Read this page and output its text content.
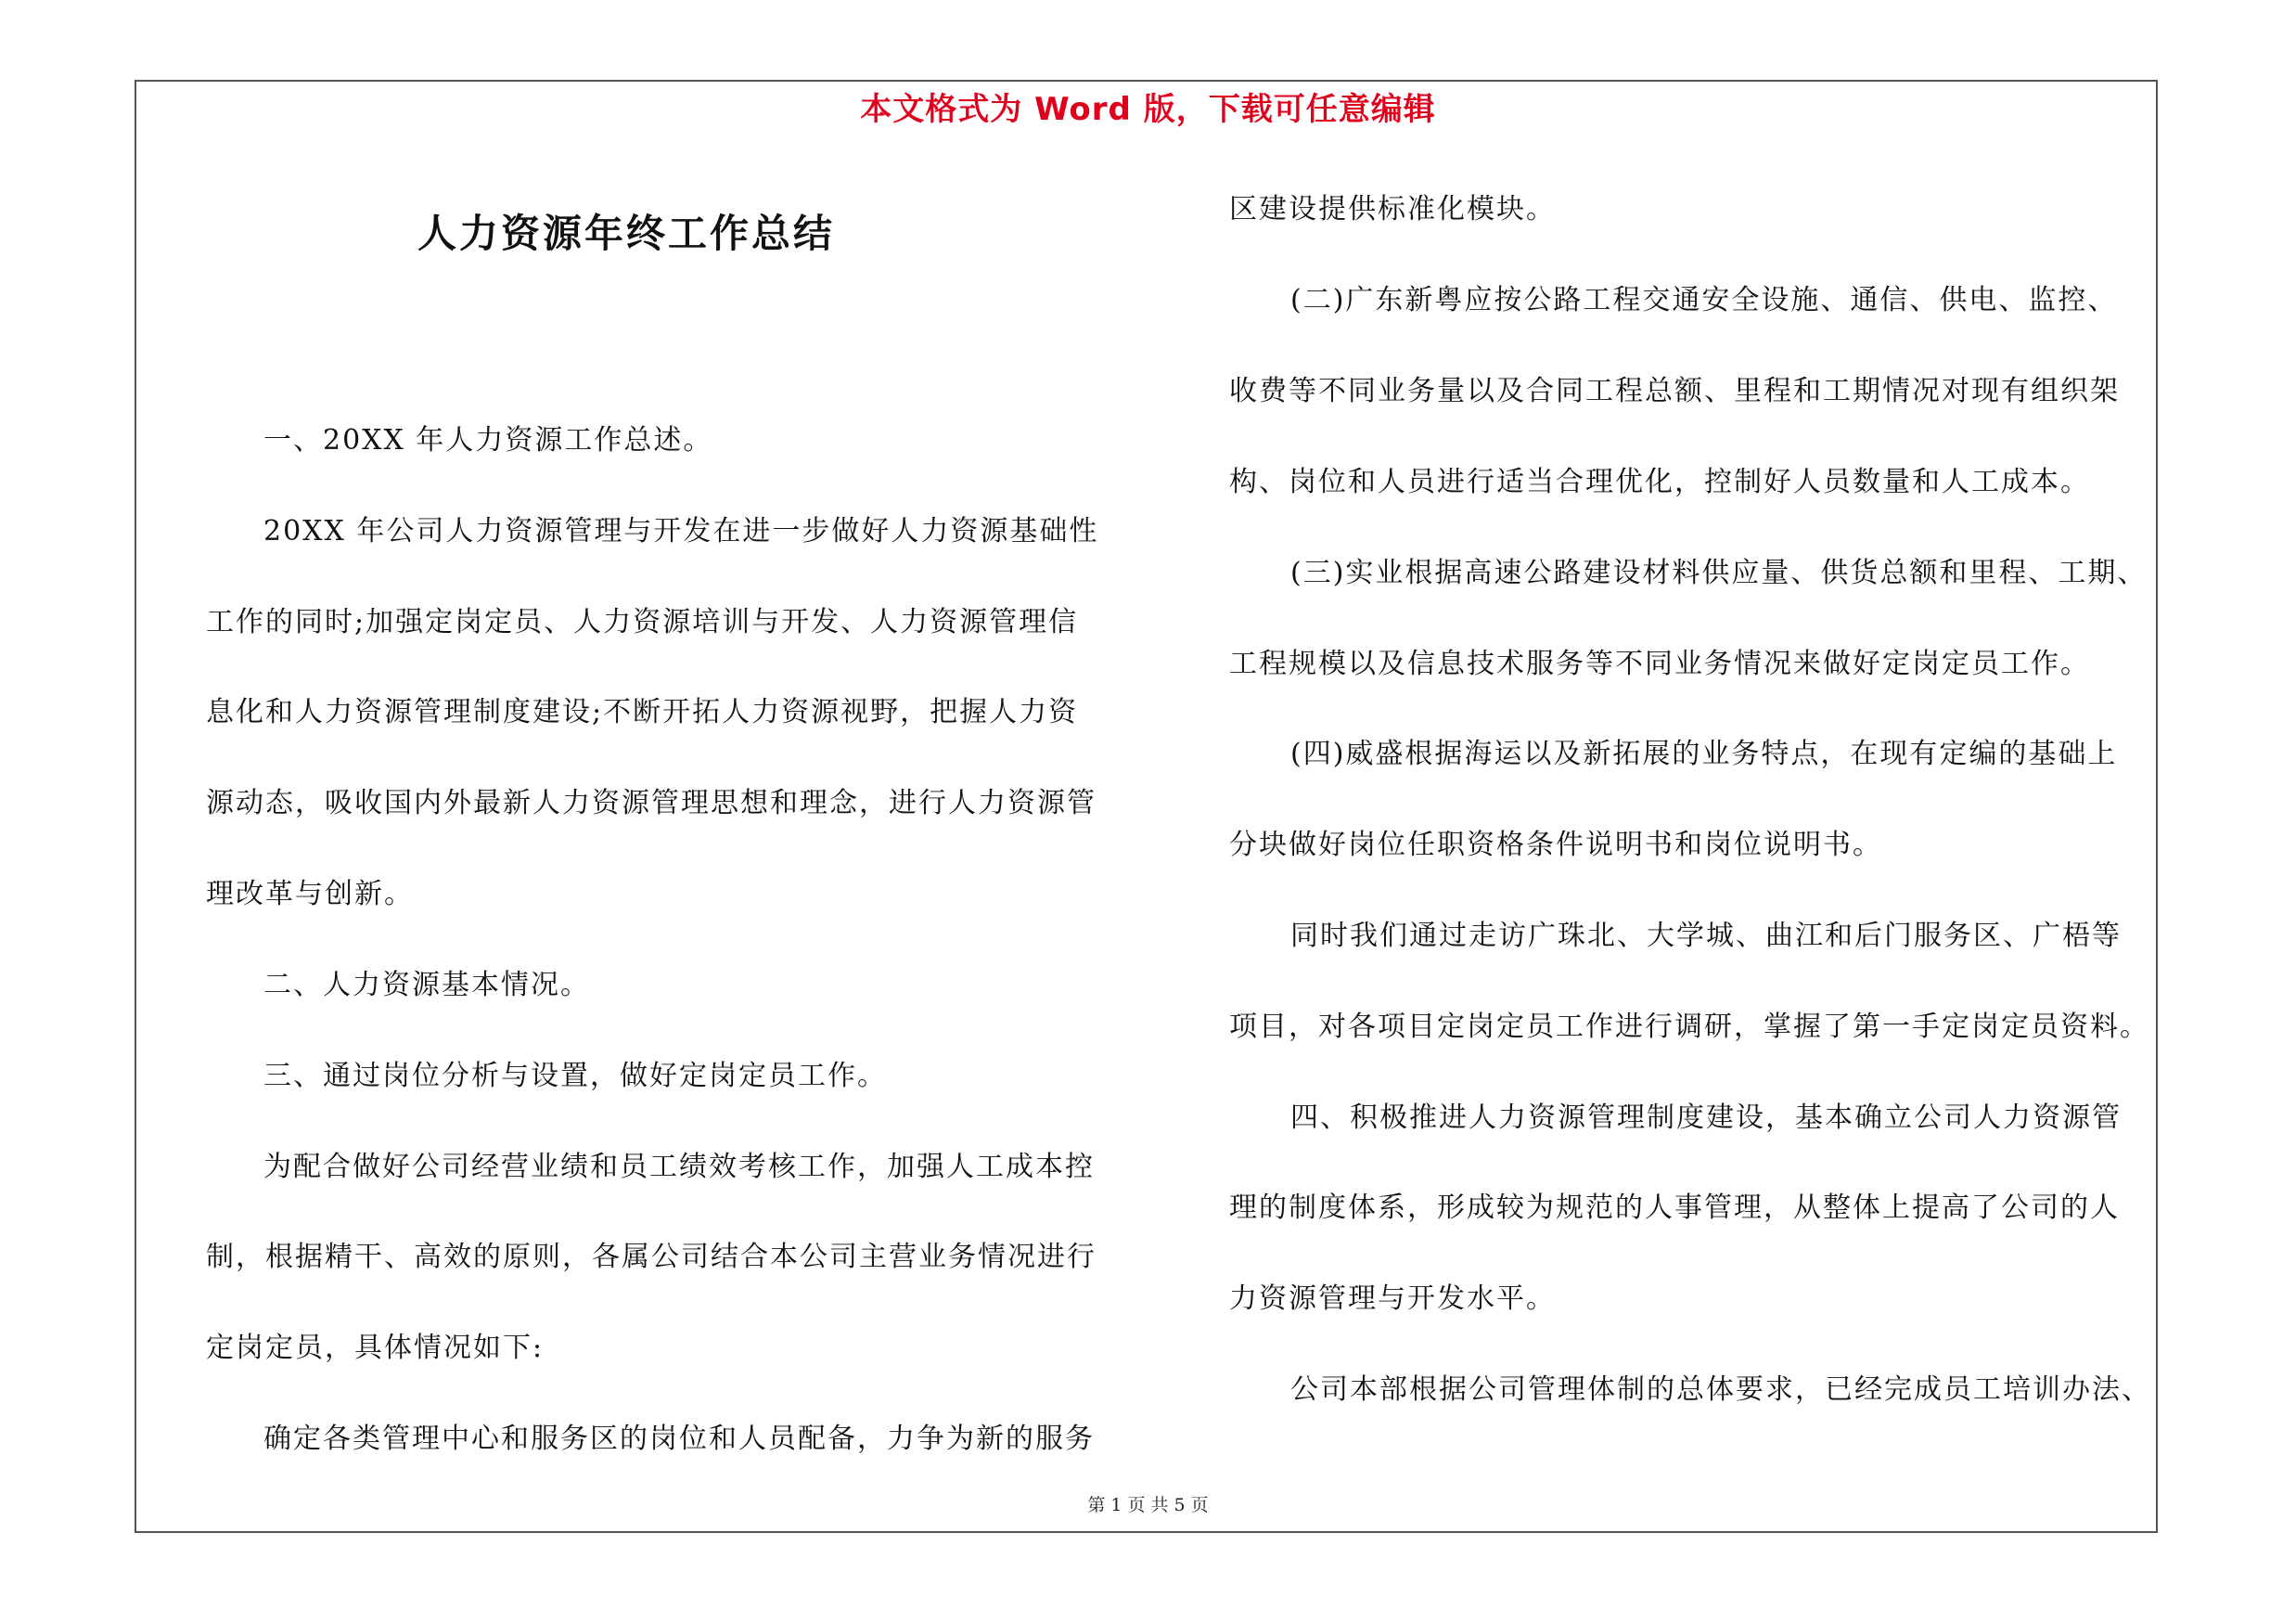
本文格式为 Word 版，下载可任意编辑
人力资源年终工作总结
一、20XX 年人力资源工作总述。
20XX 年公司人力资源管理与开发在进一步做好人力资源基础性
工作的同时;加强定岗定员、人力资源培训与开发、人力资源管理信
息化和人力资源管理制度建设;不断开拓人力资源视野，把握人力资
源动态，吸收国内外最新人力资源管理思想和理念，进行人力资源管
理改革与创新。
二、人力资源基本情况。
三、通过岗位分析与设置，做好定岗定员工作。
为配合做好公司经营业绩和员工绩效考核工作，加强人工成本控
制，根据精干、高效的原则，各属公司结合本公司主营业务情况进行
定岗定员，具体情况如下:
确定各类管理中心和服务区的岗位和人员配备，力争为新的服务
区建设提供标准化模块。
(二)广东新粤应按公路工程交通安全设施、通信、供电、监控、
收费等不同业务量以及合同工程总额、里程和工期情况对现有组织架
构、岗位和人员进行适当合理优化，控制好人员数量和人工成本。
(三)实业根据高速公路建设材料供应量、供货总额和里程、工期、
工程规模以及信息技术服务等不同业务情况来做好定岗定员工作。
(四)威盛根据海运以及新拓展的业务特点，在现有定编的基础上
分块做好岗位任职资格条件说明书和岗位说明书。
同时我们通过走访广珠北、大学城、曲江和后门服务区、广梧等
项目，对各项目定岗定员工作进行调研，掌握了第一手定岗定员资料。
四、积极推进人力资源管理制度建设，基本确立公司人力资源管
理的制度体系，形成较为规范的人事管理，从整体上提高了公司的人
力资源管理与开发水平。
公司本部根据公司管理体制的总体要求，已经完成员工培训办法、
第 1 页 共 5 页
